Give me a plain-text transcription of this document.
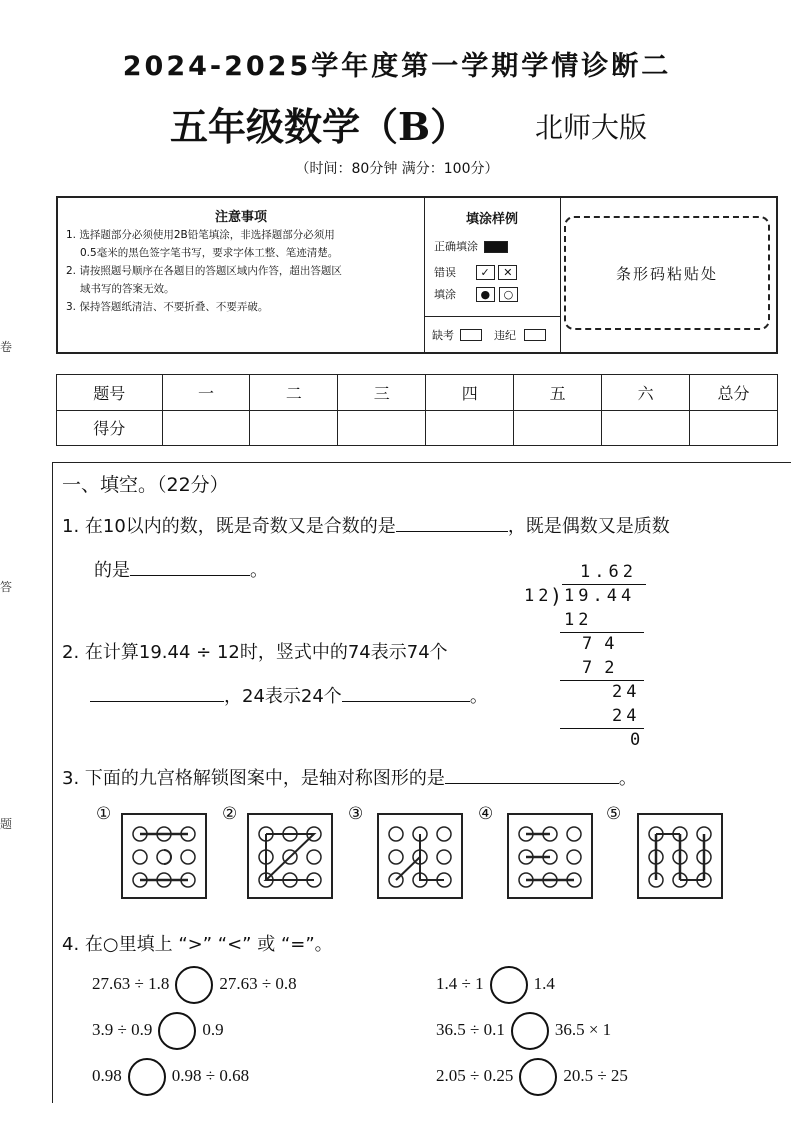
2024-2025学年度第一学期学情诊断二
五年级数学（B） 北师大版
（时间：80分钟 满分：100分）
卷
答
题
注意事项

1. 选择题部分必须使用2B铅笔填涂，非选择题部分必须用

0.5毫米的黑色签字笔书写，要求字体工整、笔迹清楚。

2. 请按照题号顺序在各题目的答题区域内作答，超出答题区

域书写的答案无效。

3. 保持答题纸清洁、不要折叠、不要弄破。

填涂样例
正确填涂
错误 ✓ ✕
填涂 ● ○
缺考	违纪
条形码粘贴处
题号	一	二	三	四	五	六	总分
得分							
一、填空。（22分）
1. 在10以内的数，既是奇数又是合数的是	，既是偶数又是质数
的是	。	1.62
12
) 19.44
12
74
72
24
24
0
2. 在计算19.44 ÷ 12时，竖式中的74表示74个
，24表示24个	。
3. 下面的九宫格解锁图案中，是轴对称图形的是	。
①	②	③	④	⑤
4. 在○里填上 “>” “<” 或 “=”。
27.63 ÷ 1.8	27.63 ÷ 0.8	1.4 ÷ 1	1.4
3.9 ÷ 0.9	0.9	36.5 ÷ 0.1	36.5 × 1
0.98	0.98 ÷ 0.68	2.05 ÷ 0.25	20.5 ÷ 25
